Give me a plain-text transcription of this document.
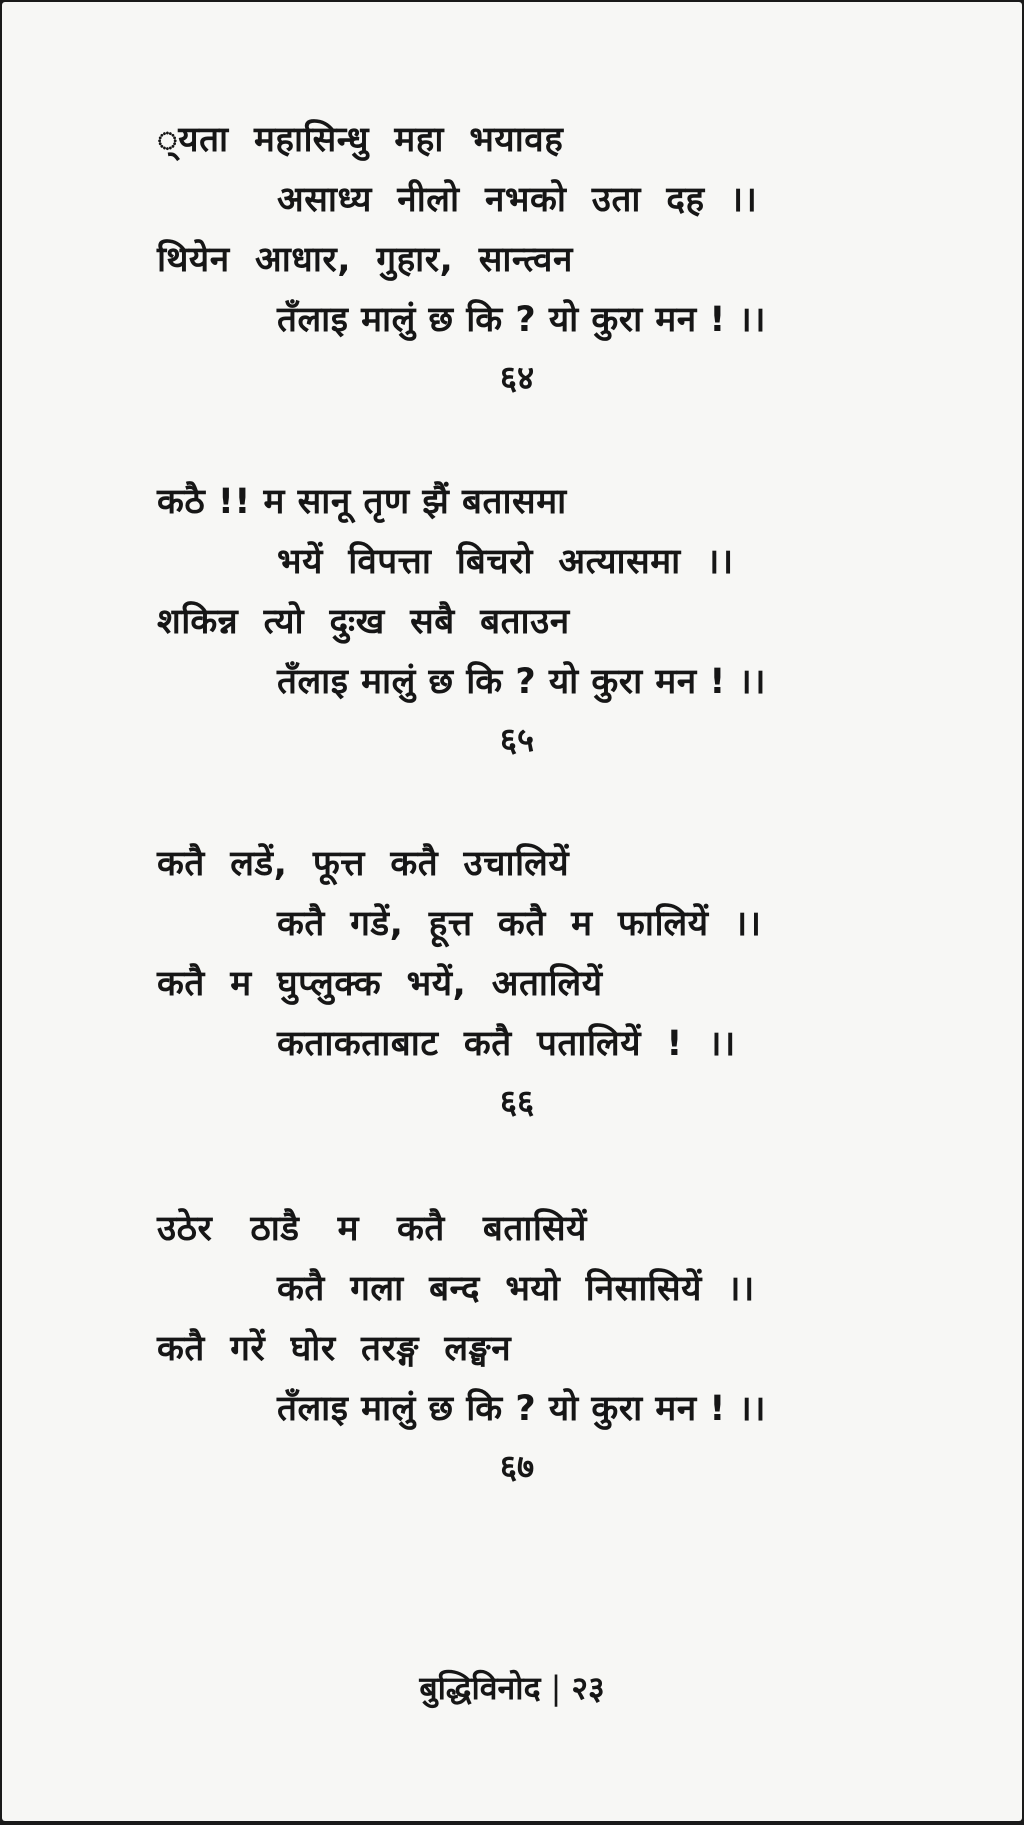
्यता  महासिन्धु  महा  भयावह
असाध्य  नीलो  नभको  उता  दह  ।।
थियेन  आधार,  गुहार,  सान्त्वन
तँलाइ मालुं छ कि ? यो कुरा मन ! ।।
६४
कठै !! म सानू तृण झैं बतासमा
भयें  विपत्ता  बिचरो  अत्यासमा  ।।
शकिन्न  त्यो  दुःख  सबै  बताउन
तँलाइ मालुं छ कि ? यो कुरा मन ! ।।
६५
कतै  लडें,  फूत्त  कतै  उचालियें
कतै  गडें,  हूत्त  कतै  म  फालियें  ।।
कतै  म  घुप्लुक्क  भयें,  अतालियें
कताकताबाट  कतै  पतालियें  !  ।।
६६
उठेर   ठाडै   म   कतै   बतासियें
कतै  गला  बन्द  भयो  निसासियें  ।।
कतै  गरें  घोर  तरङ्ग  लङ्घन
तँलाइ मालुं छ कि ? यो कुरा मन ! ।।
६७
बुद्धिविनोद | २३
